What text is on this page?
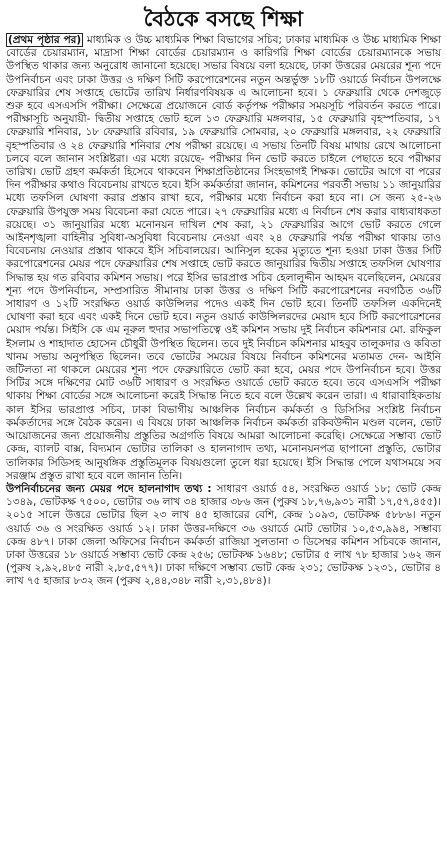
বৈঠকে বসছে শিক্ষা

(প্রথম পৃষ্ঠার পর) মাধ্যমিক ও উচ্চ মাধ্যমিক শিক্ষা বিভাগের সচিব; ঢাকার মাধ্যমিক ও উচ্চ মাধ্যমিক শিক্ষা বোর্ডের চেয়ারম্যান, মাদ্রাসা শিক্ষা বোর্ডের চেয়ারম্যান ও কারিগরি শিক্ষা বোর্ডের চেয়ারম্যানকে সভায় উপস্থিত থাকার জন্য অনুরোধ জানানো হয়েছে। সভার বিষয়ে বলা হয়েছে, ঢাকা উত্তরের মেয়রের শূন্য পদে উপনির্বাচন এবং ঢাকা উত্তর ও দক্ষিণ সিটি করপোরেশনের নতুন অন্তর্ভুক্ত ১৮টি ওয়ার্ডে নির্বাচন উপলক্ষে ফেব্রুয়ারির শেষ সপ্তাহে ভোটের তারিখ নির্ধারণবিষয়ক এ আলোচনা হবে। ১ ফেব্রুয়ারি থেকে দেশজুড়ে শুরু হবে এসএসসি পরীক্ষা। সেক্ষেত্রে প্রয়োজনে বোর্ড কর্তৃপক্ষ পরীক্ষার সময়সূচি পরিবর্তন করতে পারে। পরীক্ষাসূচি অনুযায়ী- দ্বিতীয় সপ্তাহে ভোট হলে ১৩ ফেব্রুয়ারি মঙ্গলবার, ১৫ ফেব্রুয়ারি বৃহস্পতিবার, ১৭ ফেব্রুয়ারি শনিবার, ১৮ ফেব্রুয়ারি রবিবার, ১৯ ফেব্রুয়ারি সোমবার, ২০ ফেব্রুয়ারি মঙ্গলবার, ২২ ফেব্রুয়ারি বৃহস্পতিবার ও ২৪ ফেব্রুয়ারি শনিবার শেষ পরীক্ষা রয়েছে। এ সভায় তিনটি বিষয় মাথায় রেখে আলোচনা চলবে বলে জানান সংশ্লিষ্টরা। এর মধ্যে রয়েছে- পরীক্ষার দিন ভোট করতে চাইলে পেছাতে হবে পরীক্ষার তারিখ। ভোট গ্রহণ কর্মকর্তা হিসেবে থাকবেন শিক্ষাপ্রতিষ্ঠানের সিংহভাগই শিক্ষক। ভোটের আগে বা পরের দিন পরীক্ষার কথাও বিবেচনায় রাখতে হবে। ইসি কর্মকর্তারা জানান, কমিশনের পরবর্তী সভায় ১১ জানুয়ারির মধ্যে তফসিল ঘোষণা করার প্রস্তাব রাখা হবে, পরীক্ষার মধ্যে নির্বাচন করা হবে না। সে জন্য ২৫-২৬ ফেব্রুয়ারি উপযুক্ত সময় বিবেচনা করা যেতে পারে। ২৭ ফেব্রুয়ারির মধ্যে এ নির্বাচন শেষ করার বাধ্যবাধকতা রয়েছে। ৩১ জানুয়ারির মধ্যে মনোনয়ন দাখিল শেষ করা, ২১ ফেব্রুয়ারির আগে ভোট করতে গেলে আইনশৃঙ্খলা বাহিনীর সুবিধা-অসুবিধা বিবেচনায় নেওয়া এবং ২৪ ফেব্রুয়ারি পর্যন্ত পরীক্ষা থাকায় তাও বিবেচনায় নেওয়ার প্রস্তাব থাকবে ইসি সচিবালয়ের। আনিসুল হকের মৃত্যুতে শূন্য হওয়া ঢাকা উত্তর সিটি করপোরেশনের মেয়র পদে ফেব্রুয়ারির শেষ সপ্তাহে ভোট করতে জানুয়ারির দ্বিতীয় সপ্তাহে তফসিল ঘোষণার সিদ্ধান্ত হয় গত রবিবার কমিশন সভায়। পরে ইসির ভারপ্রাপ্ত সচিব হেলালুদ্দীন আহমদ বলেছিলেন, মেয়রের শূন্য পদে উপনির্বাচন, সম্প্রসারিত সীমানায় ঢাকা উত্তর ও দক্ষিণ সিটি করপোরেশনের নবগঠিত ৩৬টি সাধারণ ও ১২টি সংরক্ষিত ওয়ার্ড কাউন্সিলর পদেও একই দিন ভোট হবে। তিনটি তফসিল একদিনেই ঘোষণা করা হবে এবং একই দিনে ভোট হবে। নতুন ওয়ার্ড কাউন্সিলরদের মেয়াদ হবে সিটি করপোরেশনের মেয়াদ পর্যন্ত। সিইসি কে এম নূরুল হুদার সভাপতিত্বে ওই কমিশন সভায় দুই নির্বাচন কমিশনার মো. রফিকুল ইসলাম ও শাহাদাত হোসেন চৌধুরী উপস্থিত ছিলেন। তবে দুই নির্বাচন কমিশনার মাহবুব তালুকদার ও কবিতা খানম সভায় অনুপস্থিত ছিলেন। তবে ভোটের সময়ের বিষয়ে নির্বাচন কমিশনের মতামত দেন- আইনি জটিলতা না থাকলে মেয়রের শূন্য পদে ফেব্রুয়ারিতে ভোট করা হবে, মেয়র পদে উপনির্বাচন হবে। উত্তর সিটির সঙ্গে দক্ষিণের মোট ৩৬টি সাধারণ ও সংরক্ষিত ওয়ার্ডে ভোট করতে হবে। তবে এসএসসি পরীক্ষা থাকায় শিক্ষা বোর্ডের সঙ্গে আলোচনা করেই সিদ্ধান্ত নিতে হবে বলে উল্লেখ করেন তারা। এ ধারাবাহিকতায় কাল ইসির ভারপ্রাপ্ত সচিব, ঢাকা বিভাগীয় আঞ্চলিক নির্বাচন কর্মকর্তা ও ডিসিসির সংশ্লিষ্ট নির্বাচন কর্মকর্তাদের সঙ্গে বৈঠক করেন। এ বিষয়ে ঢাকা আঞ্চলিক নির্বাচন কর্মকর্তা রকিবউদ্দীন মণ্ডল বলেন, ভোট আয়োজনের জন্য প্রয়োজনীয় প্রস্তুতির অগ্রগতি বিষয়ে আমরা আলোচনা করেছি। সেক্ষেত্রে সম্ভাব্য ভোট কেন্দ্র, ব্যালট বাক্স, বিদ্যমান ভোটার তালিকা ও হালনাগাদ তথ্য, মনোনয়নপত্র ছাপানো প্রস্তুতি, ভোটার তালিকার সিডিসহ আনুষঙ্গিক প্রস্তুতিমূলক বিষয়গুলো তুলে ধরা হয়েছে। ইসি সিদ্ধান্ত পেলে যথাসময়ে সব সরঞ্জাম প্রস্তুত রাখা হবে বলে জানান তিনি।

উপনির্বাচনের জন্য মেয়র পদে হালনাগাদ তথ্য : সাধারণ ওয়ার্ড ৫৪, সংরক্ষিত ওয়ার্ড ১৮; ভোট কেন্দ্র ১৩৪৯, ভোটকক্ষ ৭৫০০, ভোটার ৩৬ লাখ ৩৪ হাজার ৩৮৬ জন (পুরুষ ১৮,৭৬,৯৩১ নারী ১৭,৫৭,৪৫৫)। ২০১৫ সালে উত্তরে ভোটার ছিল ২৩ লাখ ৪৫ হাজারের বেশি, কেন্দ্র ১০৯৩, ভোটকক্ষ ৫৮৮৬। নতুন ওয়ার্ড ৩৬ ও সংরক্ষিত ওয়ার্ড ১২। ঢাকা উত্তর-দক্ষিণে ৩৬ ওয়ার্ডে মোট ভোটার ১০,৫৩,৯৯৪, সম্ভাব্য কেন্দ্র ৪৮৭। ঢাকা জেলা অফিসের নির্বাচন কর্মকর্তা রাজিয়া সুলতানা ৩ ডিসেম্বর কমিশন সচিবকে জানান, ঢাকা উত্তরের ১৮ ওয়ার্ডে সম্ভাব্য ভোট কেন্দ্র ২৫৬; ভোটকক্ষ ১৬৪৮; ভোটার ৫ লাখ ৭৮ হাজার ১৬২ জন (পুরুষ ২,৯২,৪৮৫ নারী ২,৮৫,৫৭৭)। ঢাকা দক্ষিণে সম্ভাব্য ভোট কেন্দ্র ২৩১; ভোটকক্ষ ১২৩১, ভোটার ৪ লাখ ৭৫ হাজার ৮৩২ জন (পুরুষ ২,৪৪,৩৪৮ নারী ২,৩১,৪৮৪)।
